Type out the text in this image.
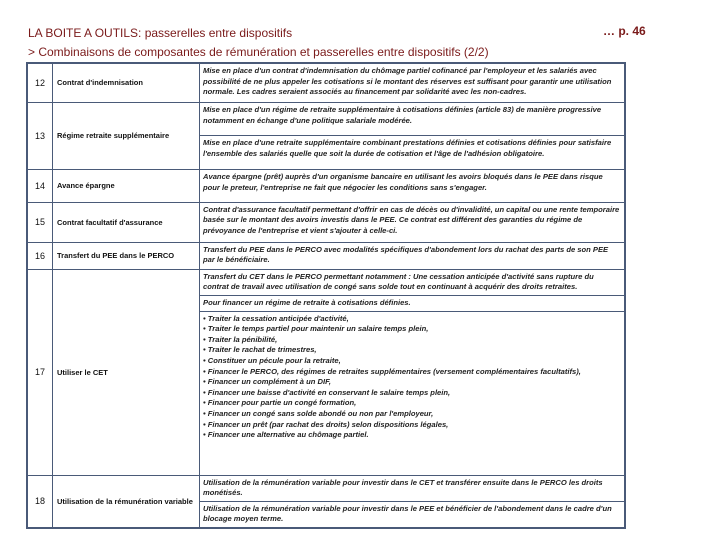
LA BOITE A OUTILS: passerelles entre dispositifs
> Combinaisons de composantes de rémunération et passerelles entre dispositifs (2/2)
… p. 46
12	Contrat d'indemnisation
Mise en place d'un contrat d'indemnisation du chômage partiel cofinancé par l'employeur et les salariés avec possibilité de ne plus appeler les cotisations si le montant des réserves est suffisant pour garantir une utilisation normale. Les cadres seraient associés au financement par solidarité avec les non-cadres.
13	Régime retraite supplémentaire
Mise en place d'un régime de retraite supplémentaire à cotisations définies (article 83) de manière progressive notamment en échange d'une politique salariale modérée.
Mise en place d'une retraite supplémentaire combinant prestations définies et cotisations définies pour satisfaire l'ensemble des salariés quelle que soit la durée de cotisation et l'âge de l'adhésion obligatoire.
14	Avance épargne
Avance épargne (prêt) auprès d'un organisme bancaire en utilisant les avoirs bloqués dans le PEE dans risque pour le preteur, l'entreprise ne fait que négocier les conditions sans s'engager.
15	Contrat facultatif d'assurance
Contrat d'assurance facultatif permettant d'offrir en cas de décès ou d'invalidité, un capital ou une rente temporaire basée sur le montant des avoirs investis dans le PEE. Ce contrat est différent des garanties du régime de prévoyance de l'entreprise et vient s'ajouter à celle-ci.
16	Transfert du PEE dans le PERCO
Transfert du PEE dans le PERCO avec modalités spécifiques d'abondement lors du rachat des parts de son PEE par le bénéficiaire.
17	Utiliser le CET
Transfert du CET dans le PERCO permettant notamment : Une cessation anticipée d'activité sans rupture du contrat de travail avec utilisation de congé sans solde tout en continuant à acquérir des droits retraites.
Pour financer un régime de retraite à cotisations définies.
• Traiter la cessation anticipée d'activité,
• Traiter le temps partiel pour maintenir un salaire temps plein,
• Traiter la pénibilité,
• Traiter le rachat de trimestres,
• Constituer un pécule pour la retraite,
• Financer le PERCO, des régimes de retraites supplémentaires (versement complémentaires facultatifs),
• Financer un complément à un DIF,
• Financer une baisse d'activité en conservant le salaire temps plein,
• Financer pour partie un congé formation,
• Financer un congé sans solde abondé ou non par l'employeur,
• Financer un prêt (par rachat des droits) selon dispositions légales,
• Financer une alternative au chômage partiel.
18	Utilisation de la rémunération variable
Utilisation de la rémunération variable pour investir dans le CET et transférer ensuite dans le PERCO les droits monétisés.
Utilisation de la rémunération variable pour investir dans le PEE et bénéficier de l'abondement dans le cadre d'un blocage moyen terme.
